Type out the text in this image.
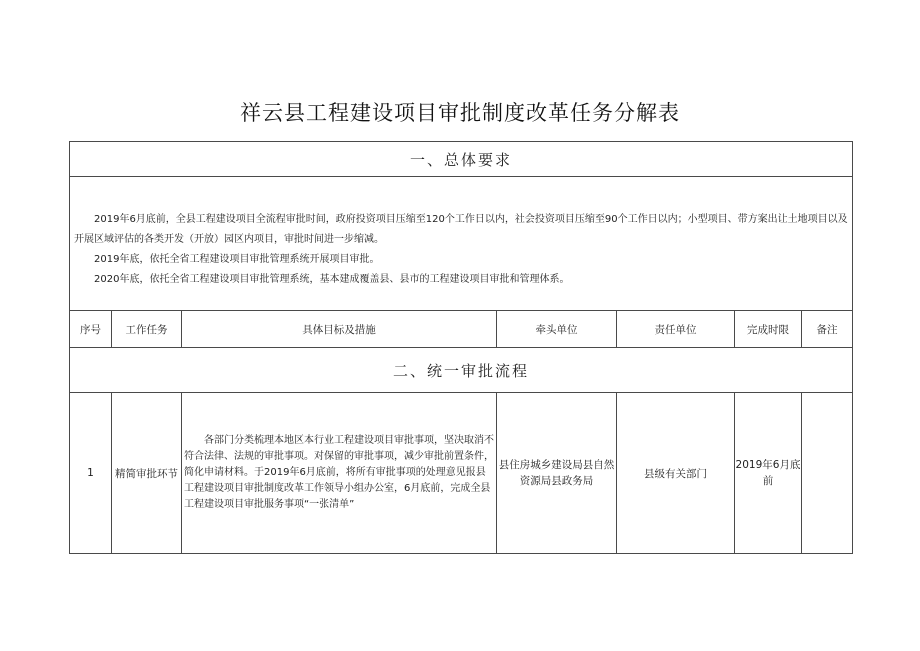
祥云县工程建设项目审批制度改革任务分解表
一、总体要求						

2019年6月底前，全县工程建设项目全流程审批时间，政府投资项目压缩至120个工作日以内，社会投资项目压缩至90个工作日以内；小型项目、带方案出让土地项目以及开展区域评估的各类开发（开放）园区内项目，审批时间进一步缩减。

2019年底，依托全省工程建设项目审批管理系统开展项目审批。

2020年底，依托全省工程建设项目审批管理系统，基本建成覆盖县、县市的工程建设项目审批和管理体系。						

序号	工作任务	具体目标及措施	牵头单位	责任单位	完成时限	备注
二、统一审批流程						
1	精简审批环节	各部门分类梳理本地区本行业工程建设项目审批事项，坚决取消不符合法律、法规的审批事项。对保留的审批事项，减少审批前置条件，简化申请材料。于2019年6月底前，将所有审批事项的处理意见报县工程建设项目审批制度改革工作领导小组办公室，6月底前，完成全县工程建设项目审批服务事项“一张清单”	县住房城乡建设局县自然资源局县政务局	县级有关部门	2019年6月底前	
